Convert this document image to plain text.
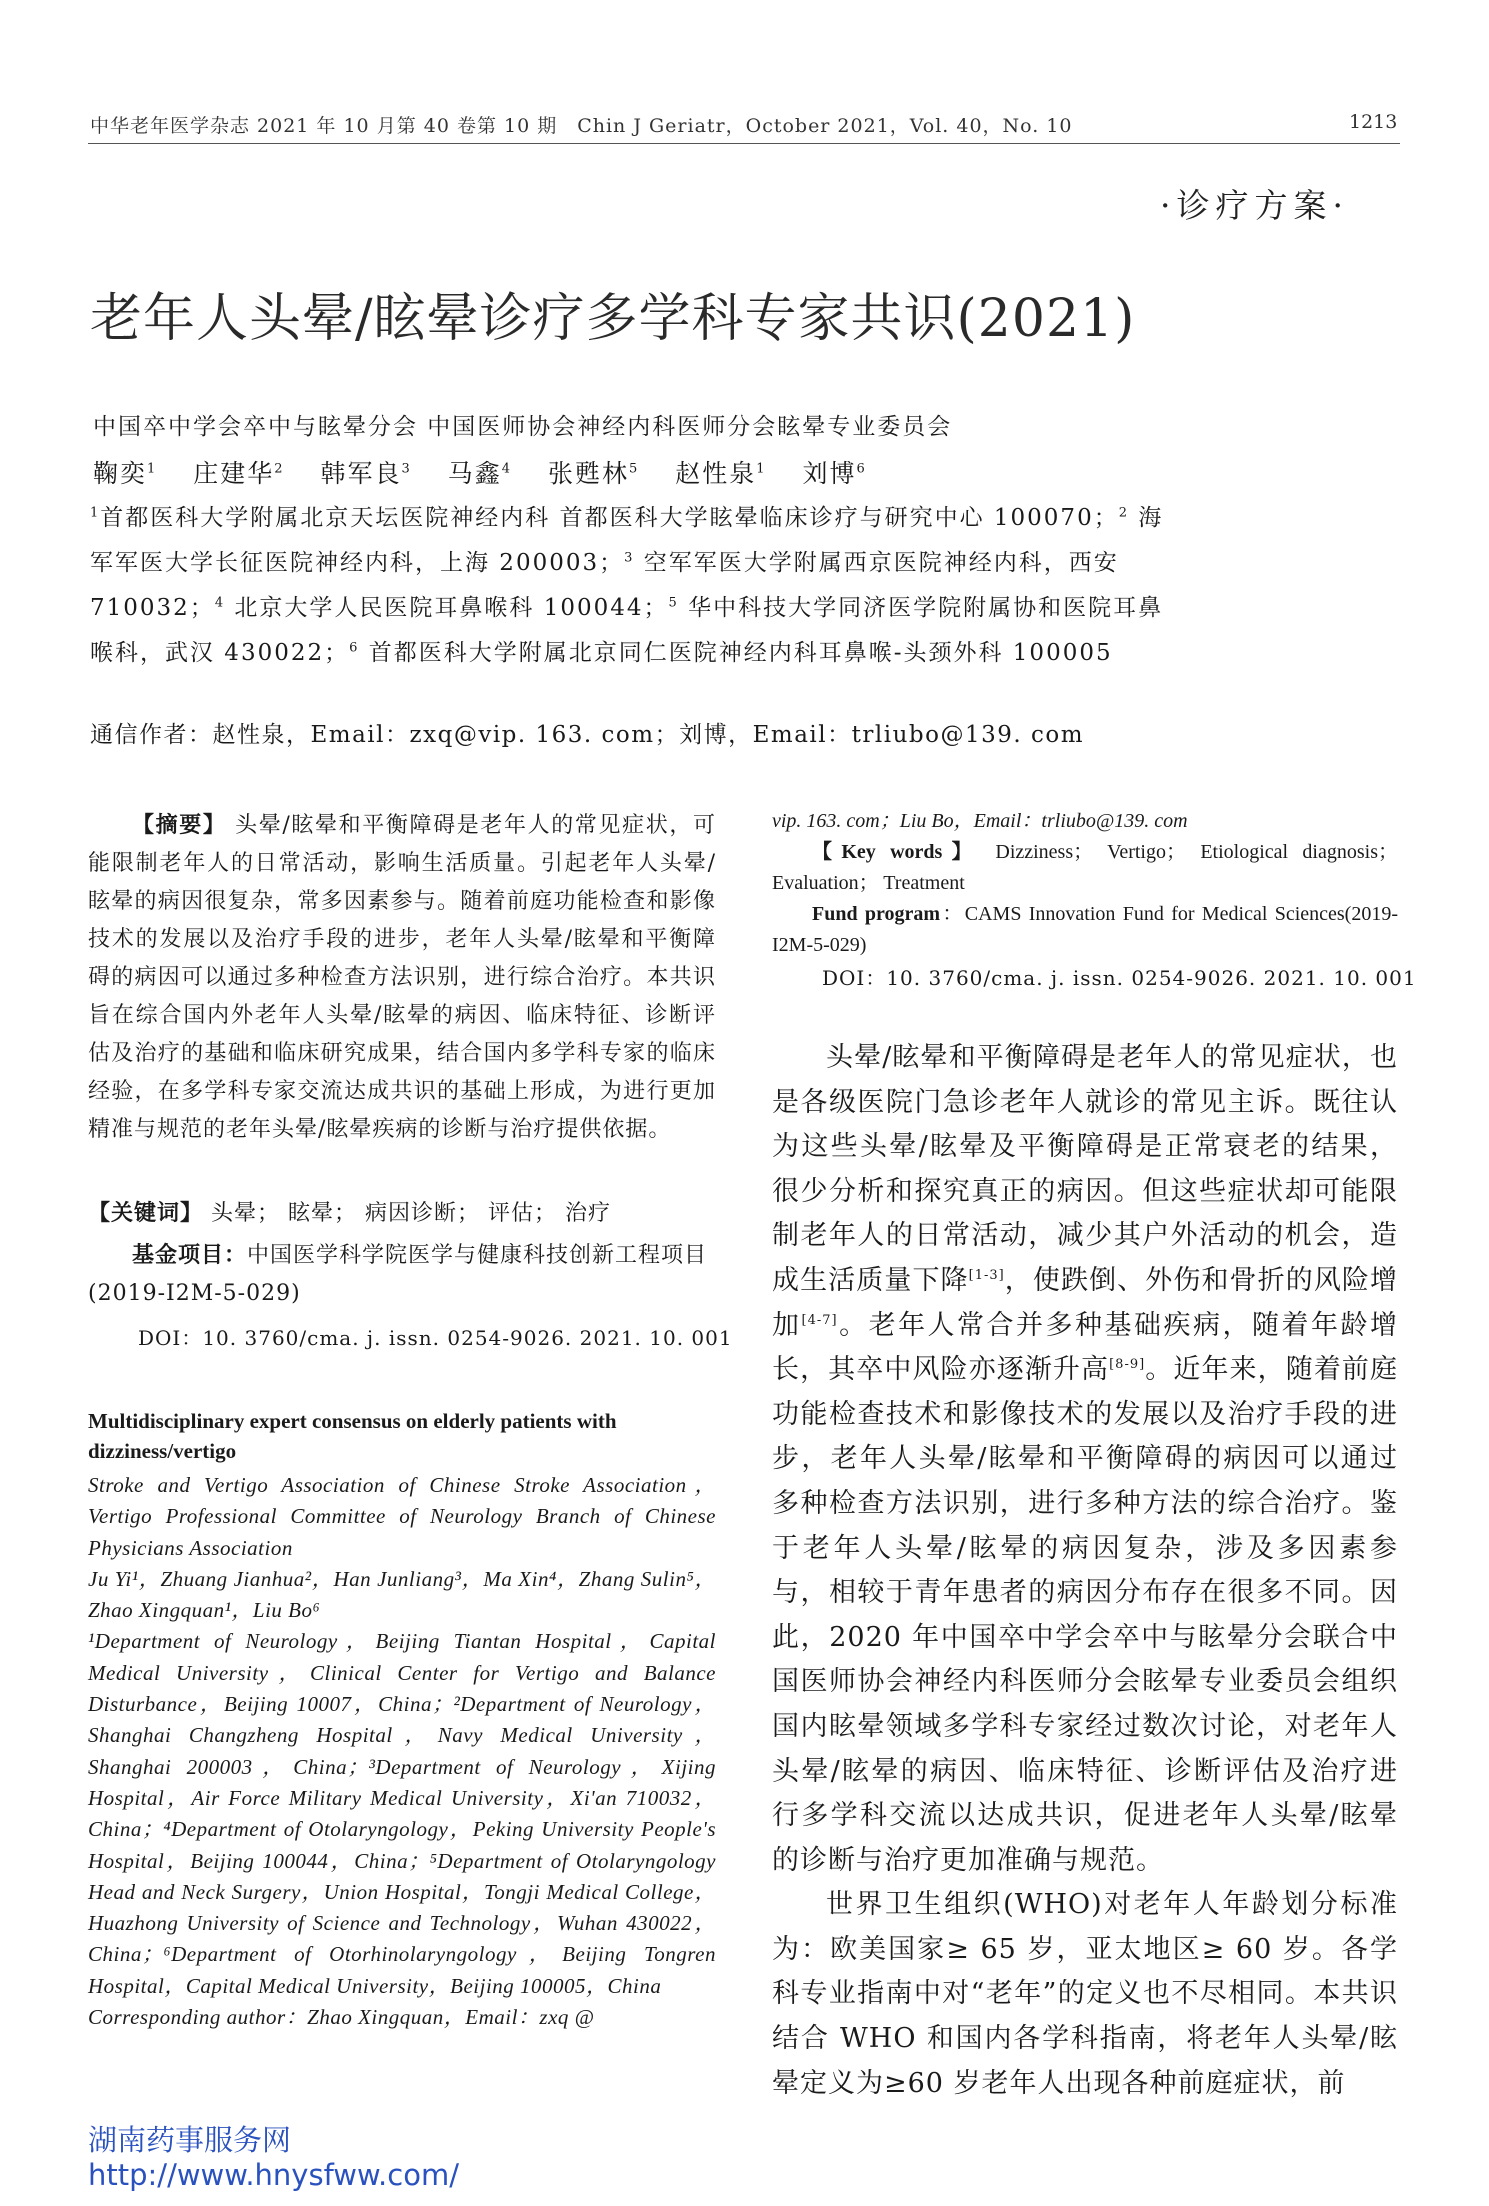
中华老年医学杂志 2021 年 10 月第 40 卷第 10 期　Chin J Geriatr，October 2021，Vol. 40，No. 10	1213
·诊疗方案·
老年人头晕/眩晕诊疗多学科专家共识(2021)
中国卒中学会卒中与眩晕分会 中国医师协会神经内科医师分会眩晕专业委员会
鞠奕$^1$ 庄建华$^2$ 韩军良$^3$ 马鑫$^4$ 张甦林$^5$ 赵性泉$^1$ 刘博$^6$
$^1$首都医科大学附属北京天坛医院神经内科 首都医科大学眩晕临床诊疗与研究中心 100070；$^2$ 海军军医大学长征医院神经内科，上海 200003；$^3$ 空军军医大学附属西京医院神经内科，西安 710032；$^4$ 北京大学人民医院耳鼻喉科 100044；$^5$ 华中科技大学同济医学院附属协和医院耳鼻喉科，武汉 430022；$^6$ 首都医科大学附属北京同仁医院神经内科耳鼻喉-头颈外科 100005
通信作者：赵性泉，Email：zxq@vip. 163. com；刘博，Email：trliubo@139. com

【摘要】 头晕/眩晕和平衡障碍是老年人的常见症状，可能限制老年人的日常活动，影响生活质量。引起老年人头晕/眩晕的病因很复杂，常多因素参与。随着前庭功能检查和影像技术的发展以及治疗手段的进步，老年人头晕/眩晕和平衡障碍的病因可以通过多种检查方法识别，进行综合治疗。本共识旨在综合国内外老年人头晕/眩晕的病因、临床特征、诊断评估及治疗的基础和临床研究成果，结合国内多学科专家的临床经验，在多学科专家交流达成共识的基础上形成，为进行更加精准与规范的老年头晕/眩晕疾病的诊断与治疗提供依据。

【关键词】 头晕； 眩晕； 病因诊断； 评估； 治疗

基金项目：中国医学科学院医学与健康科技创新工程项目(2019-I2M-5-029)

DOI：10. 3760/cma. j. issn. 0254-9026. 2021. 10. 001

Multidisciplinary expert consensus on elderly patients with dizziness/vertigo

Stroke and Vertigo Association of Chinese Stroke Association，Vertigo Professional Committee of Neurology Branch of Chinese Physicians Association

Ju Yi¹，Zhuang Jianhua²，Han Junliang³，Ma Xin⁴，Zhang Sulin⁵，Zhao Xingquan¹，Liu Bo⁶

¹Department of Neurology，Beijing Tiantan Hospital，Capital Medical University，Clinical Center for Vertigo and Balance Disturbance，Beijing 10007，China；²Department of Neurology，Shanghai Changzheng Hospital，Navy Medical University，Shanghai 200003，China；³Department of Neurology，Xijing Hospital，Air Force Military Medical University，Xi'an 710032，China；⁴Department of Otolaryngology，Peking University People's Hospital，Beijing 100044，China；⁵Department of Otolaryngology Head and Neck Surgery，Union Hospital，Tongji Medical College，Huazhong University of Science and Technology，Wuhan 430022，China；⁶Department of Otorhinolaryngology，Beijing Tongren Hospital，Capital Medical University，Beijing 100005，China

Corresponding author：Zhao Xingquan，Email：zxq @

vip. 163. com；Liu Bo，Email：trliubo@139. com

【Key words】 Dizziness； Vertigo； Etiological diagnosis； Evaluation； Treatment

Fund program：CAMS Innovation Fund for Medical Sciences(2019-I2M-5-029)

DOI：10. 3760/cma. j. issn. 0254-9026. 2021. 10. 001

头晕/眩晕和平衡障碍是老年人的常见症状，也是各级医院门急诊老年人就诊的常见主诉。既往认为这些头晕/眩晕及平衡障碍是正常衰老的结果，很少分析和探究真正的病因。但这些症状却可能限制老年人的日常活动，减少其户外活动的机会，造成生活质量下降[1-3]，使跌倒、外伤和骨折的风险增加[4-7]。老年人常合并多种基础疾病，随着年龄增长，其卒中风险亦逐渐升高[8-9]。近年来，随着前庭功能检查技术和影像技术的发展以及治疗手段的进步，老年人头晕/眩晕和平衡障碍的病因可以通过多种检查方法识别，进行多种方法的综合治疗。鉴于老年人头晕/眩晕的病因复杂，涉及多因素参与，相较于青年患者的病因分布存在很多不同。因此，2020 年中国卒中学会卒中与眩晕分会联合中国医师协会神经内科医师分会眩晕专业委员会组织国内眩晕领域多学科专家经过数次讨论，对老年人头晕/眩晕的病因、临床特征、诊断评估及治疗进行多学科交流以达成共识，促进老年人头晕/眩晕的诊断与治疗更加准确与规范。

世界卫生组织(WHO)对老年人年龄划分标准为：欧美国家≥ 65 岁，亚太地区≥ 60 岁。各学科专业指南中对“老年”的定义也不尽相同。本共识结合 WHO 和国内各学科指南，将老年人头晕/眩晕定义为≥60 岁老年人出现各种前庭症状，前

湖南药事服务网
http://www.hnysfww.com/
